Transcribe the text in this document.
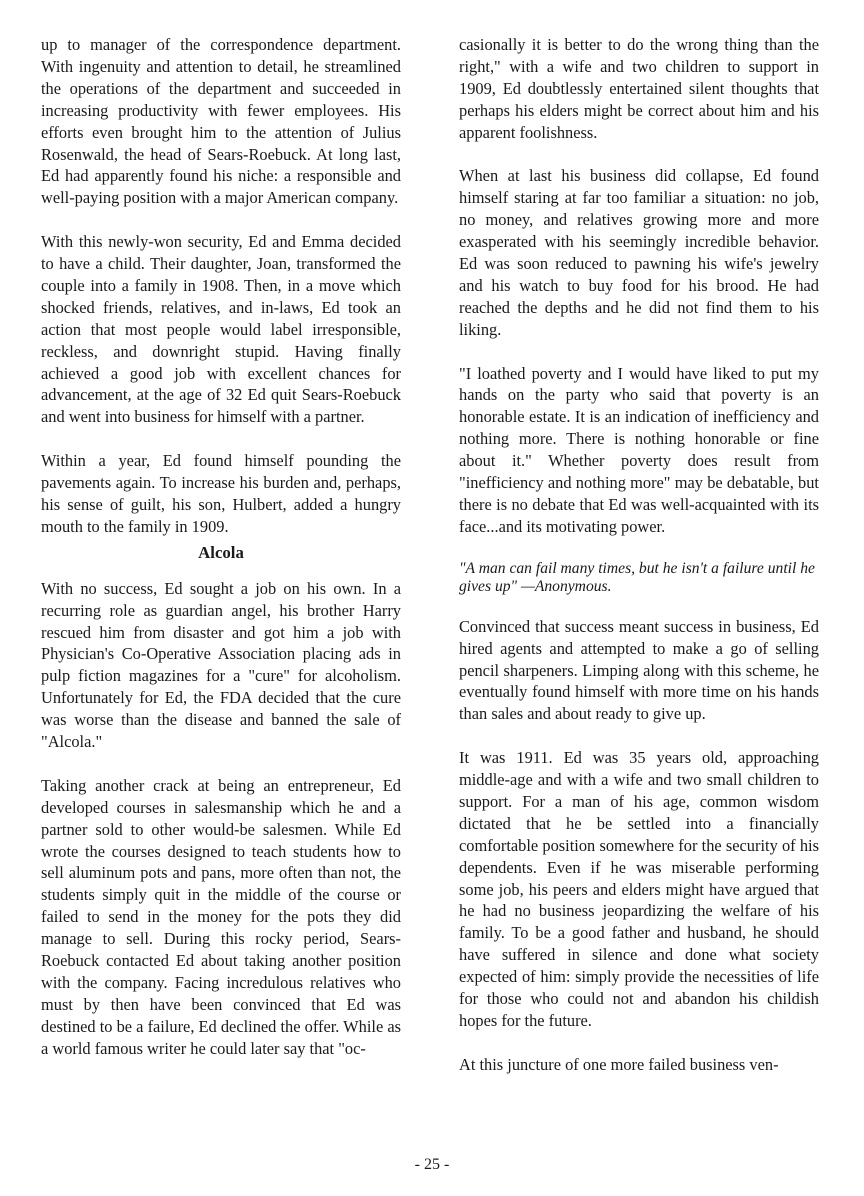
up to manager of the correspondence department. With ingenuity and attention to detail, he streamlined the operations of the department and succeeded in increasing productivity with fewer employees. His efforts even brought him to the attention of Julius Rosenwald, the head of Sears-Roebuck. At long last, Ed had apparently found his niche: a responsible and well-paying position with a major American company.

With this newly-won security, Ed and Emma decided to have a child. Their daughter, Joan, transformed the couple into a family in 1908. Then, in a move which shocked friends, relatives, and in-laws, Ed took an action that most people would label irresponsible, reckless, and downright stupid. Having finally achieved a good job with excellent chances for advancement, at the age of 32 Ed quit Sears-Roebuck and went into business for himself with a partner.

Within a year, Ed found himself pounding the pavements again. To increase his burden and, perhaps, his sense of guilt, his son, Hulbert, added a hungry mouth to the family in 1909.

Alcola

With no success, Ed sought a job on his own. In a recurring role as guardian angel, his brother Harry rescued him from disaster and got him a job with Physician's Co-Operative Association placing ads in pulp fiction magazines for a "cure" for alcoholism. Unfortunately for Ed, the FDA decided that the cure was worse than the disease and banned the sale of "Alcola."

Taking another crack at being an entrepreneur, Ed developed courses in salesmanship which he and a partner sold to other would-be salesmen. While Ed wrote the courses designed to teach students how to sell aluminum pots and pans, more often than not, the students simply quit in the middle of the course or failed to send in the money for the pots they did manage to sell. During this rocky period, Sears-Roebuck contacted Ed about taking another position with the company. Facing incredulous relatives who must by then have been convinced that Ed was destined to be a failure, Ed declined the offer. While as a world famous writer he could later say that "oc-

casionally it is better to do the wrong thing than the right," with a wife and two children to support in 1909, Ed doubtlessly entertained silent thoughts that perhaps his elders might be correct about him and his apparent foolishness.

When at last his business did collapse, Ed found himself staring at far too familiar a situation: no job, no money, and relatives growing more and more exasperated with his seemingly incredible behavior. Ed was soon reduced to pawning his wife's jewelry and his watch to buy food for his brood. He had reached the depths and he did not find them to his liking.

"I loathed poverty and I would have liked to put my hands on the party who said that poverty is an honorable estate. It is an indication of inefficiency and nothing more. There is nothing honorable or fine about it." Whether poverty does result from "inefficiency and nothing more" may be debatable, but there is no debate that Ed was well-acquainted with its face...and its motivating power.

"A man can fail many times, but he isn't a failure until he gives up" —Anonymous.

Convinced that success meant success in business, Ed hired agents and attempted to make a go of selling pencil sharpeners. Limping along with this scheme, he eventually found himself with more time on his hands than sales and about ready to give up.

It was 1911. Ed was 35 years old, approaching middle-age and with a wife and two small children to support. For a man of his age, common wisdom dictated that he be settled into a financially comfortable position somewhere for the security of his dependents. Even if he was miserable performing some job, his peers and elders might have argued that he had no business jeopardizing the welfare of his family. To be a good father and husband, he should have suffered in silence and done what society expected of him: simply provide the necessities of life for those who could not and abandon his childish hopes for the future.

At this juncture of one more failed business ven-

- 25 -
